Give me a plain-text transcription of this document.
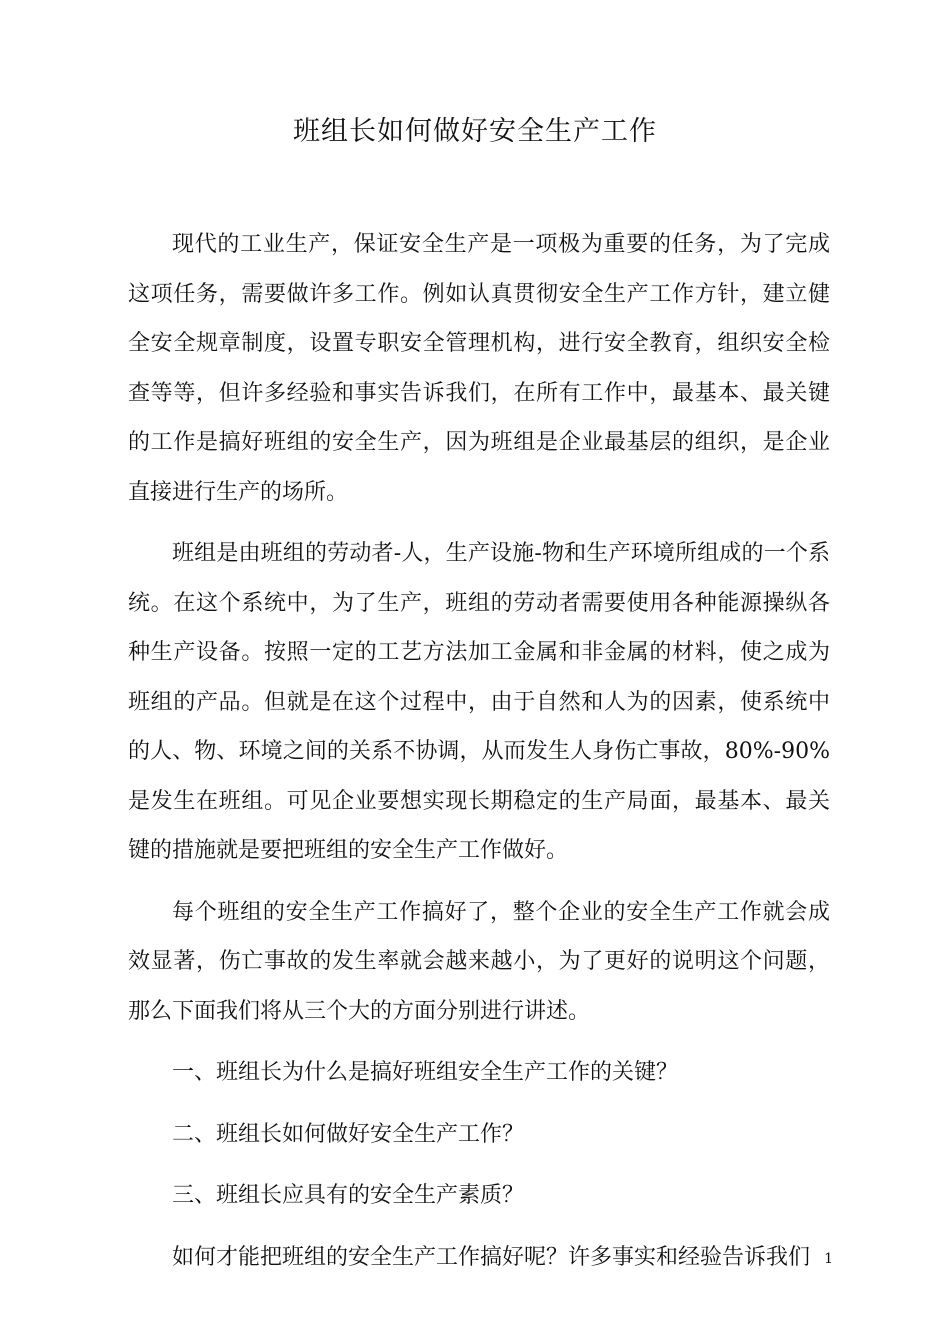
班组长如何做好安全生产工作

现代的工业生产，保证安全生产是一项极为重要的任务，为了完成这项任务，需要做许多工作。例如认真贯彻安全生产工作方针，建立健全安全规章制度，设置专职安全管理机构，进行安全教育，组织安全检查等等，但许多经验和事实告诉我们，在所有工作中，最基本、最关键的工作是搞好班组的安全生产，因为班组是企业最基层的组织，是企业直接进行生产的场所。

班组是由班组的劳动者-人，生产设施-物和生产环境所组成的一个系统。在这个系统中，为了生产，班组的劳动者需要使用各种能源操纵各种生产设备。按照一定的工艺方法加工金属和非金属的材料，使之成为班组的产品。但就是在这个过程中，由于自然和人为的因素，使系统中的人、物、环境之间的关系不协调，从而发生人身伤亡事故，80%-90%是发生在班组。可见企业要想实现长期稳定的生产局面，最基本、最关键的措施就是要把班组的安全生产工作做好。

每个班组的安全生产工作搞好了，整个企业的安全生产工作就会成效显著，伤亡事故的发生率就会越来越小，为了更好的说明这个问题，那么下面我们将从三个大的方面分别进行讲述。

一、班组长为什么是搞好班组安全生产工作的关键？

二、班组长如何做好安全生产工作？

三、班组长应具有的安全生产素质？

如何才能把班组的安全生产工作搞好呢？许多事实和经验告诉我们	1
